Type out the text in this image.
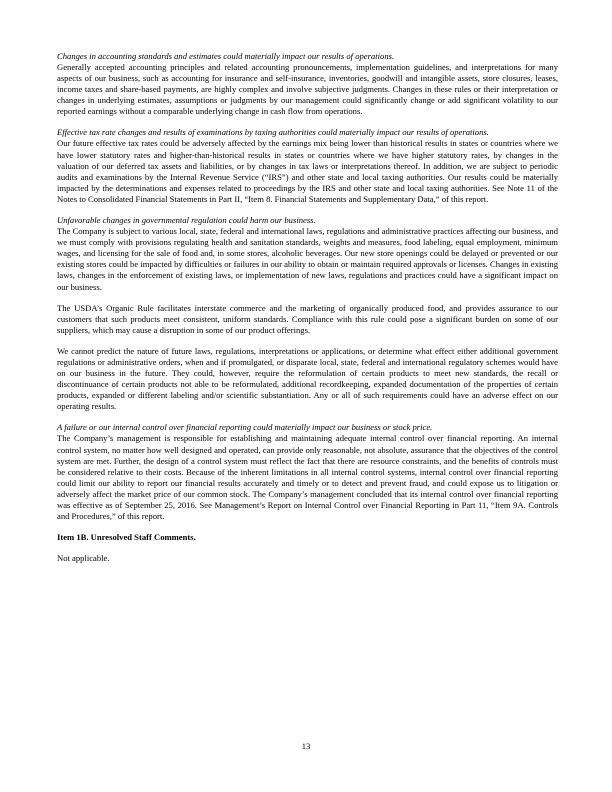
Changes in accounting standards and estimates could materially impact our results of operations.

Generally accepted accounting principles and related accounting pronouncements, implementation guidelines, and interpretations for many aspects of our business, such as accounting for insurance and self-insurance, inventories, goodwill and intangible assets, store closures, leases, income taxes and share-based payments, are highly complex and involve subjective judgments. Changes in these rules or their interpretation or changes in underlying estimates, assumptions or judgments by our management could significantly change or add significant volatility to our reported earnings without a comparable underlying change in cash flow from operations.

Effective tax rate changes and results of examinations by taxing authorities could materially impact our results of operations.

Our future effective tax rates could be adversely affected by the earnings mix being lower than historical results in states or countries where we have lower statutory rates and higher-than-historical results in states or countries where we have higher statutory rates, by changes in the valuation of our deferred tax assets and liabilities, or by changes in tax laws or interpretations thereof. In addition, we are subject to periodic audits and examinations by the Internal Revenue Service (“IRS”) and other state and local taxing authorities. Our results could be materially impacted by the determinations and expenses related to proceedings by the IRS and other state and local taxing authorities. See Note 11 of the Notes to Consolidated Financial Statements in Part II, “Item 8. Financial Statements and Supplementary Data,” of this report.

Unfavorable changes in governmental regulation could harm our business.

The Company is subject to various local, state, federal and international laws, regulations and administrative practices affecting our business, and we must comply with provisions regulating health and sanitation standards, weights and measures, food labeling, equal employment, minimum wages, and licensing for the sale of food and, in some stores, alcoholic beverages. Our new store openings could be delayed or prevented or our existing stores could be impacted by difficulties or failures in our ability to obtain or maintain required approvals or licenses. Changes in existing laws, changes in the enforcement of existing laws, or implementation of new laws, regulations and practices could have a significant impact on our business.

The USDA’s Organic Rule facilitates interstate commerce and the marketing of organically produced food, and provides assurance to our customers that such products meet consistent, uniform standards. Compliance with this rule could pose a significant burden on some of our suppliers, which may cause a disruption in some of our product offerings.

We cannot predict the nature of future laws, regulations, interpretations or applications, or determine what effect either additional government regulations or administrative orders, when and if promulgated, or disparate local, state, federal and international regulatory schemes would have on our business in the future. They could, however, require the reformulation of certain products to meet new standards, the recall or discontinuance of certain products not able to be reformulated, additional recordkeeping, expanded documentation of the properties of certain products, expanded or different labeling and/or scientific substantiation. Any or all of such requirements could have an adverse effect on our operating results.

A failure or our internal control over financial reporting could materially impact our business or stock price.

The Company’s management is responsible for establishing and maintaining adequate internal control over financial reporting. An internal control system, no matter how well designed and operated, can provide only reasonable, not absolute, assurance that the objectives of the control system are met. Further, the design of a control system must reflect the fact that there are resource constraints, and the benefits of controls must be considered relative to their costs. Because of the inherent limitations in all internal control systems, internal control over financial reporting could limit our ability to report our financial results accurately and timely or to detect and prevent fraud, and could expose us to litigation or adversely affect the market price of our common stock. The Company’s management concluded that its internal control over financial reporting was effective as of September 25, 2016. See Management’s Report on Internal Control over Financial Reporting in Part 11, “Item 9A. Controls and Procedures,” of this report.

Item 1B. Unresolved Staff Comments.

Not applicable.

13
